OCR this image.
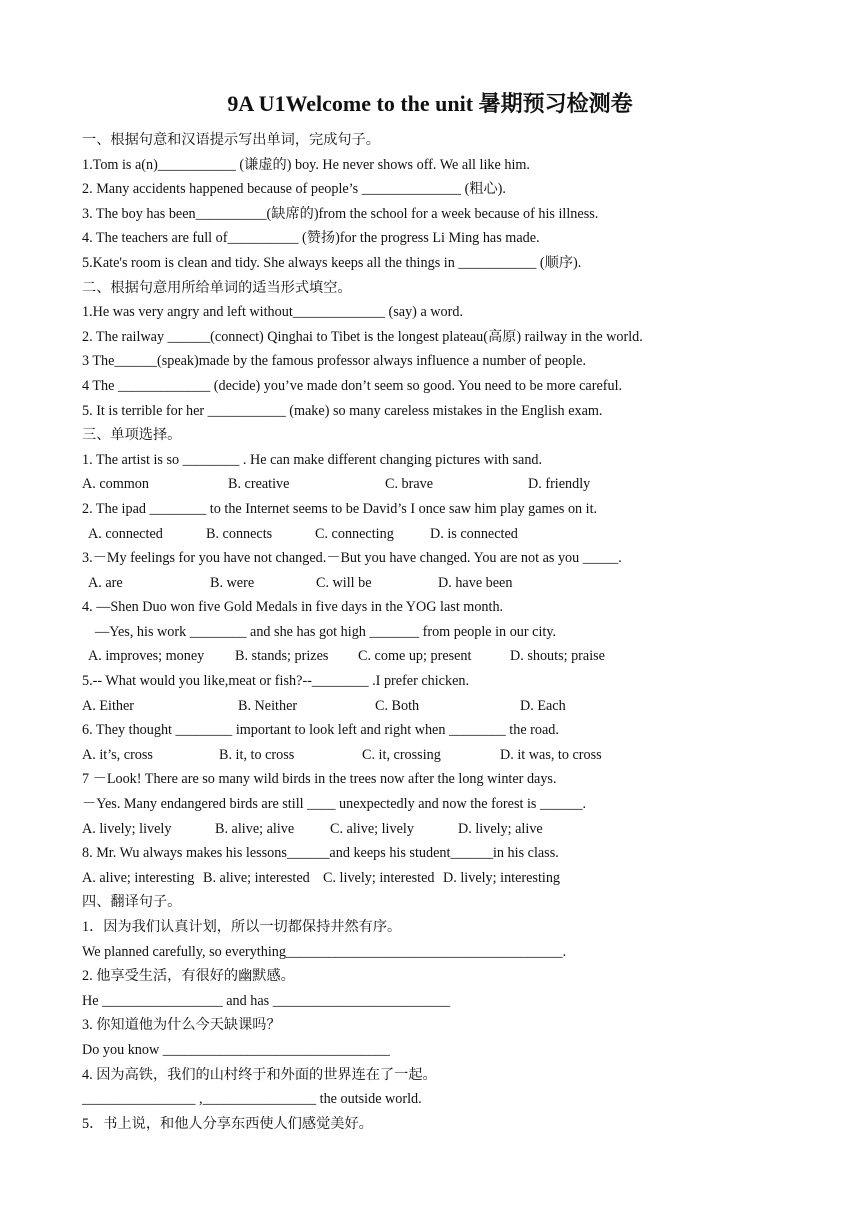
9A U1Welcome to the unit 暑期预习检测卷
一、根据句意和汉语提示写出单词，完成句子。
1.Tom is a(n)___________ (谦虚的) boy. He never shows off. We all like him.
2. Many accidents happened because of people’s ______________ (粗心).
3. The boy has been__________(缺席的)from the school for a week because of his illness.
4. The teachers are full of__________ (赞扬)for the progress Li Ming has made.
5.Kate's room is clean and tidy. She always keeps all the things in ___________ (顺序).
二、根据句意用所给单词的适当形式填空。
1.He was very angry and left without_____________ (say) a word.
2. The railway ______(connect) Qinghai to Tibet is the longest plateau(高原) railway in the world.
3 The______(speak)made by the famous professor always influence a number of people.
4 The _____________ (decide) you’ve made don’t seem so good. You need to be more careful.
5. It is terrible for her ___________ (make) so many careless mistakes in the English exam.
三、单项选择。
1. The artist is so ________ . He can make different changing pictures with sand.
A. common	B. creative	C. brave	D. friendly
2. The ipad ________ to the Internet seems to be David’s I once saw him play games on it.
A. connected	B. connects	C. connecting	D. is connected
3.－My feelings for you have not changed.－But you have changed. You are not as you _____.
A. are	B. were	C. will be	D. have been
4. —Shen Duo won five Gold Medals in five days in the YOG last month.
—Yes, his work ________ and she has got high _______ from people in our city.
A. improves; money B. stands; prizes C. come up; present	D. shouts; praise
5.-- What would you like,meat or fish?--________ .I prefer chicken.
A. Either	B. Neither	C. Both	D. Each
6. They thought ________ important to look left and right when ________ the road.
A. it’s, cross	B. it, to cross	C. it, crossing	D. it was, to cross
7 －Look! There are so many wild birds in the trees now after the long winter days.
－Yes. Many endangered birds are still ____ unexpectedly and now the forest is ______.
A. lively; lively	B. alive; alive	C. alive; lively	D. lively; alive
8. Mr. Wu always makes his lessons______and keeps his student______in his class.
A. alive; interesting B. alive; interested C. lively; interested D. lively; interesting
四、翻译句子。
1．因为我们认真计划，所以一切都保持井然有序。
We planned carefully, so everything_______________________________________.
2. 他享受生活，有很好的幽默感。
He _________________ and has _________________________
3. 你知道他为什么今天缺课吗？
Do you know ________________________________
4. 因为高铁，我们的山村终于和外面的世界连在了一起。
________________ ,________________ the outside world.
5．书上说，和他人分享东西使人们感觉美好。
